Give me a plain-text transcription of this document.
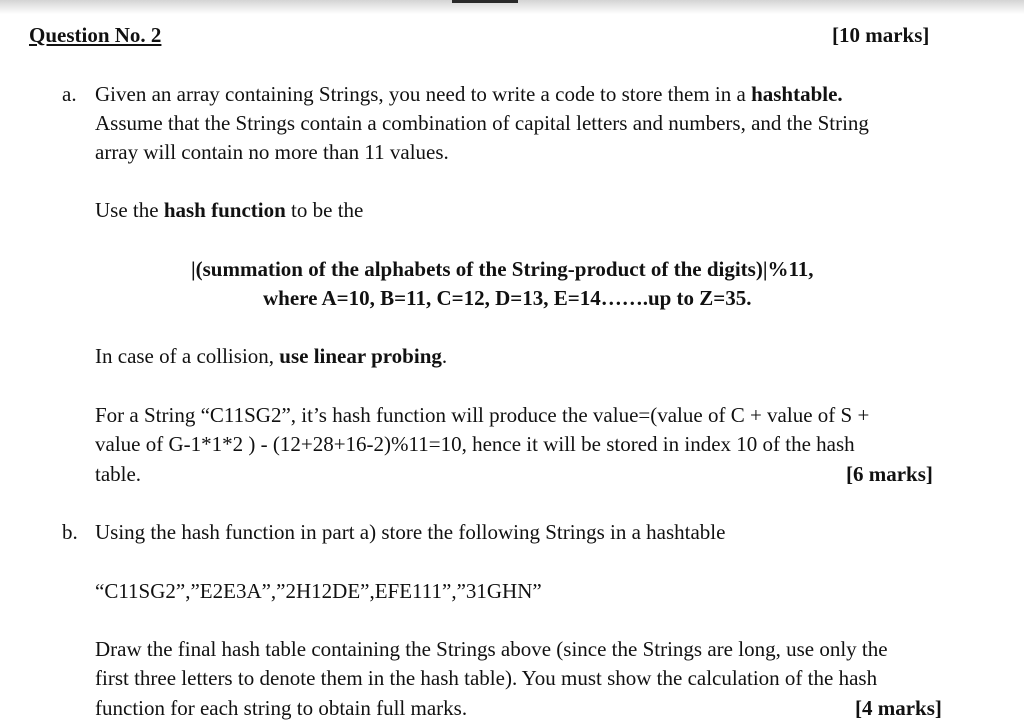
Question No. 2	[10 marks]
a. Given an array containing Strings, you need to write a code to store them in a hashtable.
Assume that the Strings contain a combination of capital letters and numbers, and the String
array will contain no more than 11 values.
Use the hash function to be the
|(summation of the alphabets of the String-product of the digits)|%11,
where A=10, B=11, C=12, D=13, E=14…….up to Z=35.
In case of a collision, use linear probing.
For a String “C11SG2”, it’s hash function will produce the value=(value of C + value of S +
value of G-1*1*2 ) - (12+28+16-2)%11=10, hence it will be stored in index 10 of the hash
table.	[6 marks]
b. Using the hash function in part a) store the following Strings in a hashtable
“C11SG2”,”E2E3A”,”2H12DE”,EFE111”,”31GHN”
Draw the final hash table containing the Strings above (since the Strings are long, use only the
first three letters to denote them in the hash table). You must show the calculation of the hash
function for each string to obtain full marks.	[4 marks]
